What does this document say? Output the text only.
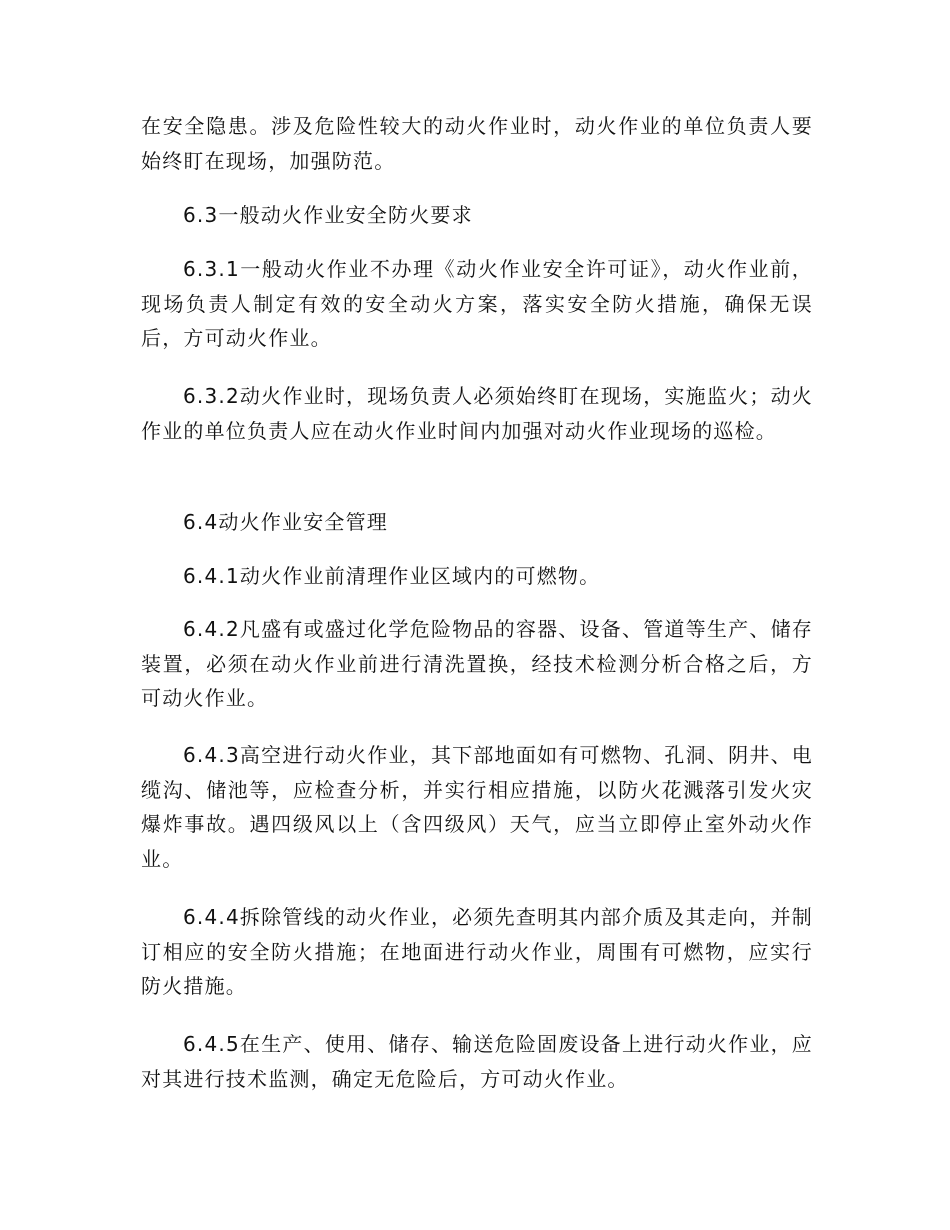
在安全隐患。涉及危险性较大的动火作业时，动火作业的单位负责人要始终盯在现场，加强防范。

6.3一般动火作业安全防火要求

6.3.1一般动火作业不办理《动火作业安全许可证》，动火作业前，现场负责人制定有效的安全动火方案，落实安全防火措施，确保无误后，方可动火作业。

6.3.2动火作业时，现场负责人必须始终盯在现场，实施监火；动火作业的单位负责人应在动火作业时间内加强对动火作业现场的巡检。

6.4动火作业安全管理

6.4.1动火作业前清理作业区域内的可燃物。

6.4.2凡盛有或盛过化学危险物品的容器、设备、管道等生产、储存装置，必须在动火作业前进行清洗置换，经技术检测分析合格之后，方可动火作业。

6.4.3高空进行动火作业，其下部地面如有可燃物、孔洞、阴井、电缆沟、储池等，应检查分析，并实行相应措施，以防火花溅落引发火灾爆炸事故。遇四级风以上（含四级风）天气，应当立即停止室外动火作业。

6.4.4拆除管线的动火作业，必须先查明其内部介质及其走向，并制订相应的安全防火措施；在地面进行动火作业，周围有可燃物，应实行防火措施。

6.4.5在生产、使用、储存、输送危险固废设备上进行动火作业，应对其进行技术监测，确定无危险后，方可动火作业。
